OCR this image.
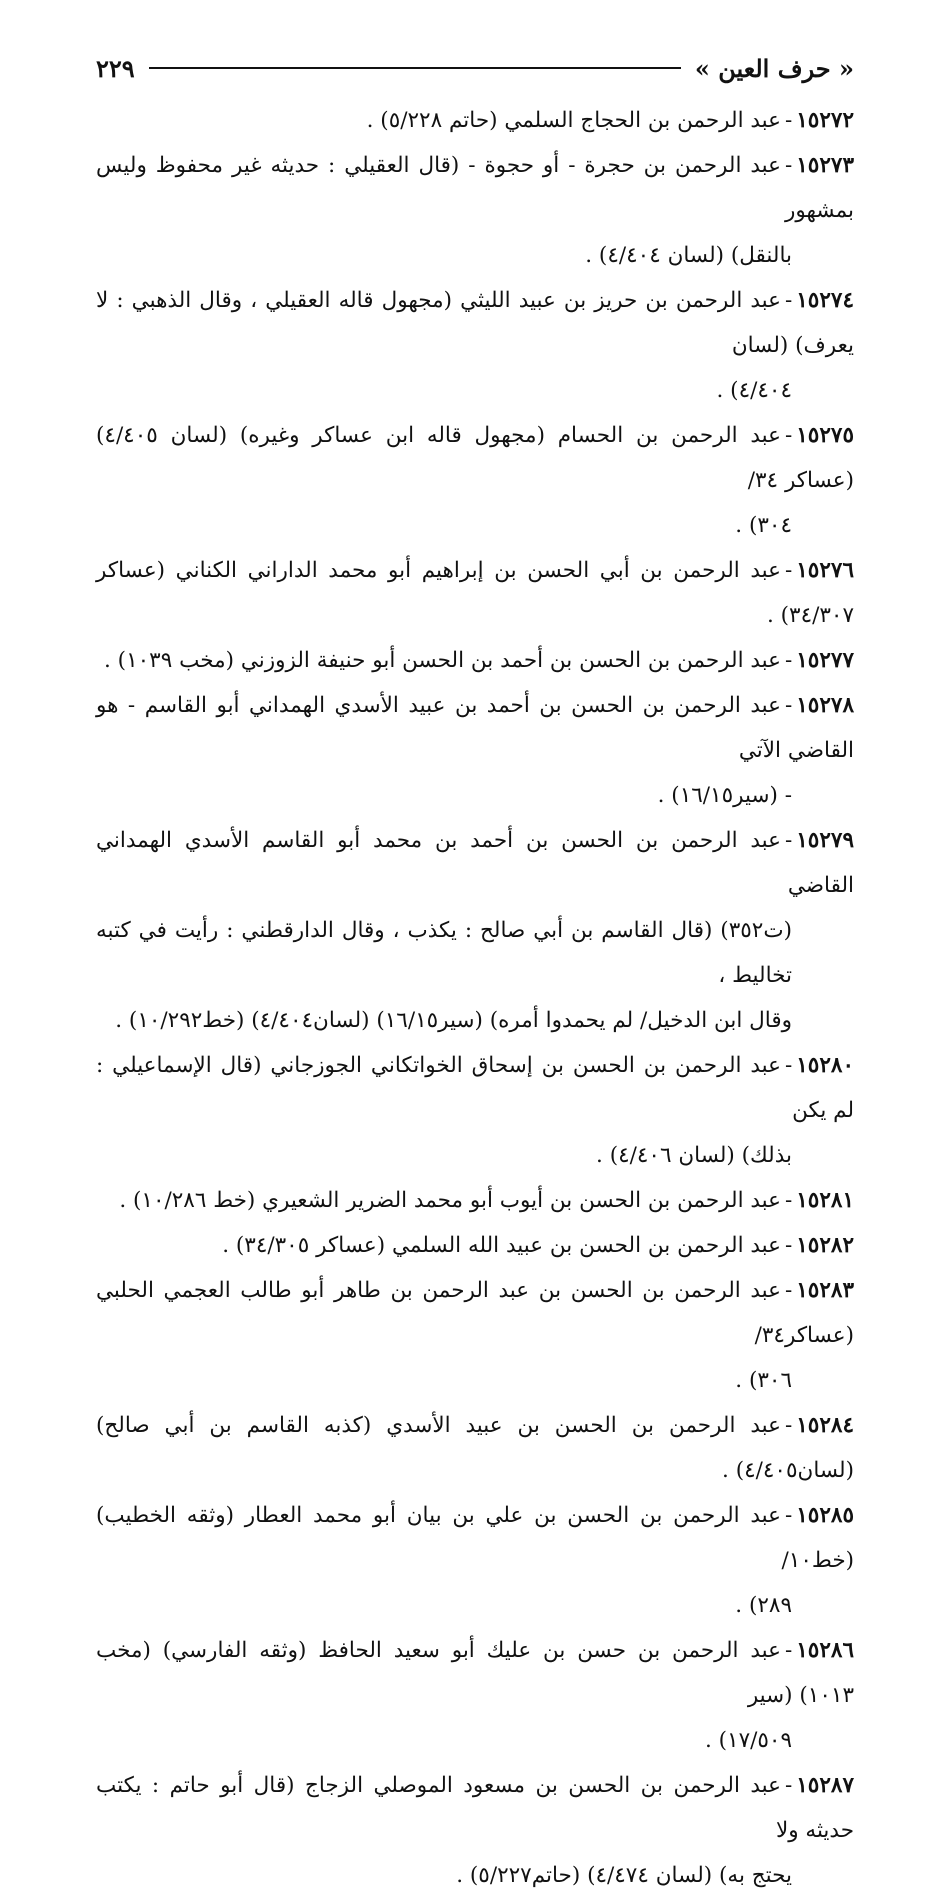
« حرف العين »
٢٢٩
١٥٢٧٢-عبد الرحمن بن الحجاج السلمي (حاتم ٥/٢٢٨) .
١٥٢٧٣-عبد الرحمن بن حجرة - أو حجوة - (قال العقيلي : حديثه غير محفوظ وليس بمشهور
بالنقل) (لسان ٤/٤٠٤) .
١٥٢٧٤-عبد الرحمن بن حريز بن عبيد الليثي (مجهول قاله العقيلي ، وقال الذهبي : لا يعرف) (لسان
٤/٤٠٤) .
١٥٢٧٥-عبد الرحمن بن الحسام (مجهول قاله ابن عساكر وغيره) (لسان ٤/٤٠٥) (عساكر ٣٤/
٣٠٤) .
١٥٢٧٦-عبد الرحمن بن أبي الحسن بن إبراهيم أبو محمد الداراني الكناني (عساكر ٣٤/٣٠٧) .
١٥٢٧٧-عبد الرحمن بن الحسن بن أحمد بن الحسن أبو حنيفة الزوزني (مخب ١٠٣٩) .
١٥٢٧٨-عبد الرحمن بن الحسن بن أحمد بن عبيد الأسدي الهمداني أبو القاسم - هو القاضي الآتي
- (سير١٦/١٥) .
١٥٢٧٩-عبد الرحمن بن الحسن بن أحمد بن محمد أبو القاسم الأسدي الهمداني القاضي
(ت٣٥٢) (قال القاسم بن أبي صالح : يكذب ، وقال الدارقطني : رأيت في كتبه تخاليط ،
وقال ابن الدخيل/ لم يحمدوا أمره) (سير١٦/١٥) (لسان٤/٤٠٤) (خط١٠/٢٩٢) .
١٥٢٨٠-عبد الرحمن بن الحسن بن إسحاق الخواتكاني الجوزجاني (قال الإسماعيلي : لم يكن
بذلك) (لسان ٤/٤٠٦) .
١٥٢٨١-عبد الرحمن بن الحسن بن أيوب أبو محمد الضرير الشعيري (خط ١٠/٢٨٦) .
١٥٢٨٢-عبد الرحمن بن الحسن بن عبيد الله السلمي (عساكر ٣٤/٣٠٥) .
١٥٢٨٣-عبد الرحمن بن الحسن بن عبد الرحمن بن طاهر أبو طالب العجمي الحلبي (عساكر٣٤/
٣٠٦) .
١٥٢٨٤-عبد الرحمن بن الحسن بن عبيد الأسدي (كذبه القاسم بن أبي صالح) (لسان٤/٤٠٥) .
١٥٢٨٥-عبد الرحمن بن الحسن بن علي بن بيان أبو محمد العطار (وثقه الخطيب) (خط١٠/
٢٨٩) .
١٥٢٨٦-عبد الرحمن بن حسن بن عليك أبو سعيد الحافظ (وثقه الفارسي) (مخب ١٠١٣) (سير
١٧/٥٠٩) .
١٥٢٨٧-عبد الرحمن بن الحسن بن مسعود الموصلي الزجاج (قال أبو حاتم : يكتب حديثه ولا
يحتج به) (لسان ٤/٤٧٤) (حاتم٥/٢٢٧) .
